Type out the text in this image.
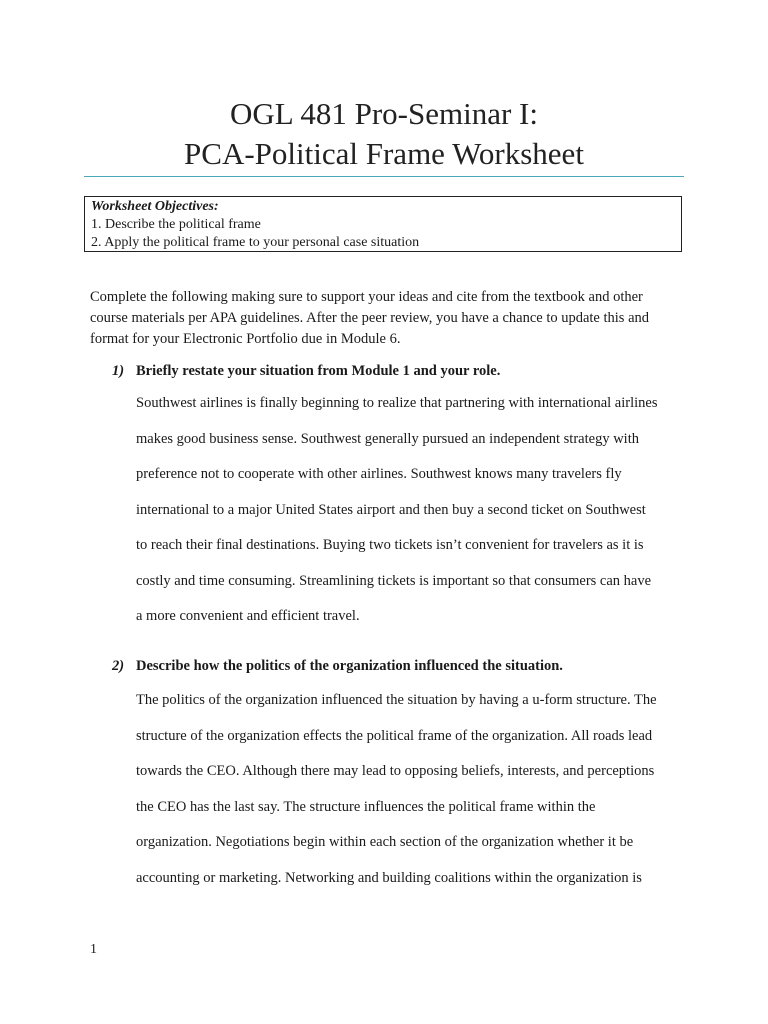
OGL 481 Pro-Seminar I:
PCA-Political Frame Worksheet
Worksheet Objectives:
1. Describe the political frame
2. Apply the political frame to your personal case situation
Complete the following making sure to support your ideas and cite from the textbook and other
course materials per APA guidelines. After the peer review, you have a chance to update this and
format for your Electronic Portfolio due in Module 6.
1) Briefly restate your situation from Module 1 and your role.
Southwest airlines is finally beginning to realize that partnering with international airlines
makes good business sense. Southwest generally pursued an independent strategy with
preference not to cooperate with other airlines. Southwest knows many travelers fly
international to a major United States airport and then buy a second ticket on Southwest
to reach their final destinations. Buying two tickets isn’t convenient for travelers as it is
costly and time consuming. Streamlining tickets is important so that consumers can have
a more convenient and efficient travel.
2) Describe how the politics of the organization influenced the situation.
The politics of the organization influenced the situation by having a u-form structure. The
structure of the organization effects the political frame of the organization. All roads lead
towards the CEO. Although there may lead to opposing beliefs, interests, and perceptions
the CEO has the last say. The structure influences the political frame within the
organization. Negotiations begin within each section of the organization whether it be
accounting or marketing. Networking and building coalitions within the organization is
1
